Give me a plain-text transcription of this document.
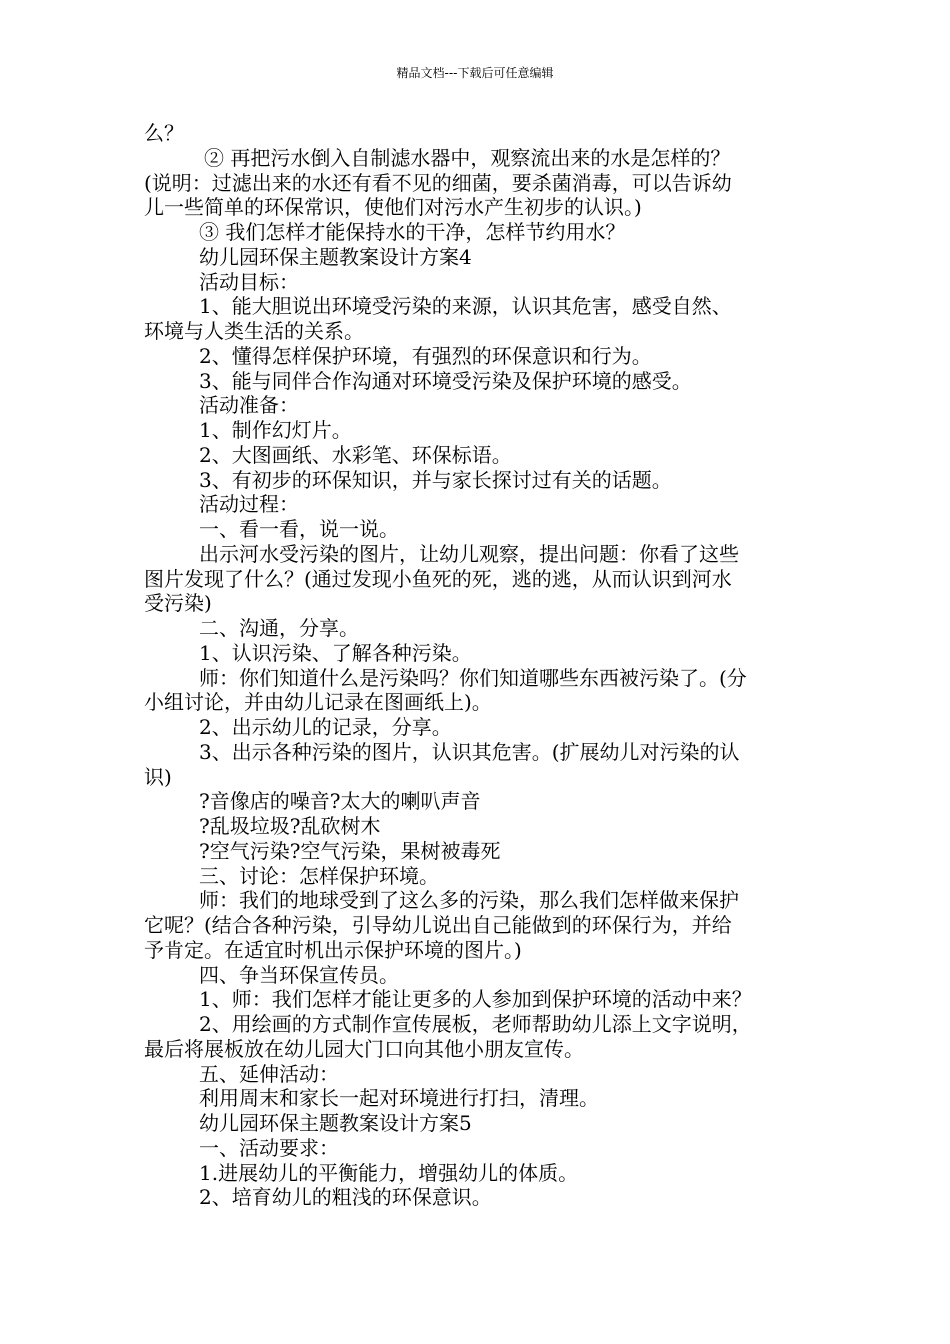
精品文档---下载后可任意编辑
么？
② 再把污水倒入自制滤水器中，观察流出来的水是怎样的？
(说明：过滤出来的水还有看不见的细菌，要杀菌消毒，可以告诉幼
儿一些简单的环保常识，使他们对污水产生初步的认识。)
③ 我们怎样才能保持水的干净，怎样节约用水？
幼儿园环保主题教案设计方案4
活动目标：
1、能大胆说出环境受污染的来源，认识其危害，感受自然、
环境与人类生活的关系。
2、懂得怎样保护环境，有强烈的环保意识和行为。
3、能与同伴合作沟通对环境受污染及保护环境的感受。
活动准备：
1、制作幻灯片。
2、大图画纸、水彩笔、环保标语。
3、有初步的环保知识，并与家长探讨过有关的话题。
活动过程：
一、看一看，说一说。
出示河水受污染的图片，让幼儿观察，提出问题：你看了这些
图片发现了什么？(通过发现小鱼死的死，逃的逃，从而认识到河水
受污染)
二、沟通，分享。
1、认识污染、了解各种污染。
师：你们知道什么是污染吗？你们知道哪些东西被污染了。(分
小组讨论，并由幼儿记录在图画纸上)。
2、出示幼儿的记录，分享。
3、出示各种污染的图片，认识其危害。(扩展幼儿对污染的认
识)
?音像店的噪音?太大的喇叭声音
?乱圾垃圾?乱砍树木
?空气污染?空气污染，果树被毒死
三、讨论：怎样保护环境。
师：我们的地球受到了这么多的污染，那么我们怎样做来保护
它呢？(结合各种污染，引导幼儿说出自己能做到的环保行为，并给
予肯定。在适宜时机出示保护环境的图片。)
四、争当环保宣传员。
1、师：我们怎样才能让更多的人参加到保护环境的活动中来？
2、用绘画的方式制作宣传展板，老师帮助幼儿添上文字说明，
最后将展板放在幼儿园大门口向其他小朋友宣传。
五、延伸活动：
利用周末和家长一起对环境进行打扫，清理。
幼儿园环保主题教案设计方案5
一、活动要求：
1.进展幼儿的平衡能力，增强幼儿的体质。
2、培育幼儿的粗浅的环保意识。
